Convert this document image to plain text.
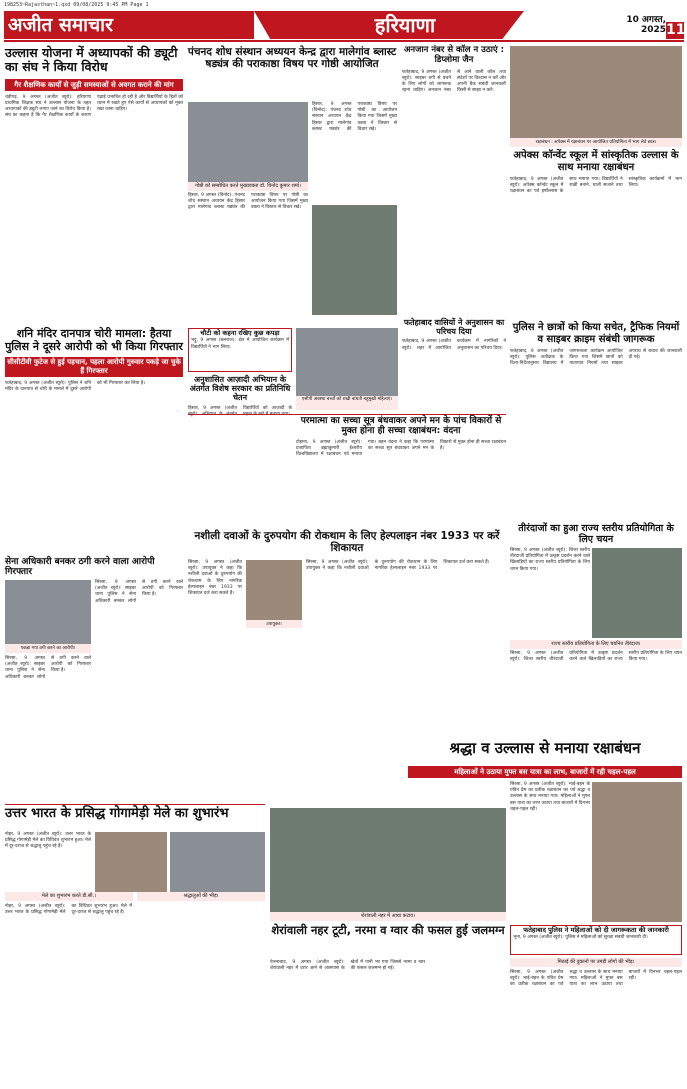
198253~Rajasthan~1.qxd 09/08/2025 9:45 PM Page 1
अजीत समाचार	हरियाणा	10 अगस्त, 2025 11
उल्लास योजना में अध्यापकों की ड्यूटी का संघ ने किया विरोध
गैर शैक्षणिक कार्यों से जुड़ी समस्याओं से अवगत कराने की मांग
चंडीगढ़, 9 अगस्त (अजीत ब्यूरो): हरियाणा प्राथमिक शिक्षक संघ ने उल्लास योजना के तहत अध्यापकों की ड्यूटी लगाए जाने का विरोध किया है। संघ का कहना है कि गैर शैक्षणिक कार्यों के कारण पढ़ाई प्रभावित हो रही है और विद्यार्थियों के हितों को ध्यान में रखते हुए ऐसे कार्यों से अध्यापकों को मुक्त रखा जाना चाहिए।
पंचनद शोध संस्थान अध्ययन केन्द्र द्वारा मालेगांव ब्लास्ट षड्यंत्र की पराकाष्ठा विषय पर गोष्ठी आयोजित
गोष्ठी को सम्बोधित करते मुख्यवक्ता डॉ. विनोद कुमार शर्मा।
हिसार, 9 अगस्त (विनोद): पंचनद शोध संस्थान अध्ययन केंद्र हिसार द्वारा मालेगांव ब्लास्ट षड्यंत्र की पराकाष्ठा विषय पर गोष्ठी का आयोजन किया गया जिसमें मुख्य वक्ता ने विस्तार से विचार रखे।
हिसार, 9 अगस्त (विनोद): पंचनद शोध संस्थान अध्ययन केंद्र हिसार द्वारा मालेगांव ब्लास्ट षड्यंत्र की पराकाष्ठा विषय पर गोष्ठी का आयोजन किया गया जिसमें मुख्य वक्ता ने विस्तार से विचार रखे।
अनजान नंबर से कॉल न उठाएं : डिप्लोमा जैन
फतेहाबाद, 9 अगस्त (अजीत ब्यूरो): साइबर ठगी से बचने के लिए लोगों को जागरूक रहना चाहिए। अनजान नंबर से आने वाली कॉल तथा संदेशों पर विश्वास न करें और अपनी बैंक संबंधी जानकारी किसी से साझा न करें।
रक्षाबंधन : अपेक्स में रक्षाबंधन पर आयोजित प्रतियोगिता में भाग लेते छात्र।
अपेक्स कॉन्वेंट स्कूल में सांस्कृतिक उल्लास के साथ मनाया रक्षाबंधन
फतेहाबाद, 9 अगस्त (अजीत ब्यूरो): अपेक्स कॉन्वेंट स्कूल में रक्षाबंधन का पर्व हर्षोल्लास के साथ मनाया गया। विद्यार्थियों ने राखी बनाने, थाली सजाने तथा सांस्कृतिक कार्यक्रमों में भाग लिया।
शनि मंदिर दानपात्र चोरी मामला: हैतया पुलिस ने दूसरे आरोपी को भी किया गिरफ्तार
सीसीटीवी फुटेज से हुई पहचान, पहला आरोपी गुरुवार पकड़े जा चुके हैं गिरफ्तार
फतेहाबाद, 9 अगस्त (अजीत ब्यूरो): पुलिस ने शनि मंदिर के दानपात्र से चोरी के मामले में दूसरे आरोपी को भी गिरफ्तार कर लिया है।
चौटी को कहना रखिए कुछ कपड़ा
भट्टू, 9 अगस्त (बलराज): क्षेत्र में आयोजित कार्यक्रम में विद्यार्थियों ने भाग लिया।
अनुशासित आज़ादी अभियान के अंतर्गत विशेष सरकार का प्रतिनिधि चेतन
हिसार, 9 अगस्त (अजीत विद्यार्थियों को आज़ादी के
एसीपी अवस्था बच्चों को राखी बांधती बहुमुखी महिलाएं।
फतेहाबाद वासियों ने अनुशासन का परिचय दिया
फतेहाबाद, 9 अगस्त (अजीत ब्यूरो): शहर में आयोजित कार्यक्रम में नागरिकों ने अनुशासन का परिचय दिया।
पुलिस ने छात्रों को किया सचेत, ट्रैफिक नियमों व साइबर क्राइम संबंधी जागरूक
फतेहाबाद, 9 अगस्त (अजीत ब्यूरो): पुलिस अधीक्षक के दिशा-निर्देशानुसार विद्यालय में जागरूकता कार्यक्रम आयोजित किया गया जिसमें छात्रों को यातायात नियमों तथा साइबर अपराध से बचाव की जानकारी दी गई।
परमात्मा का सच्चा सूत्र बंधवाकर अपने मन के पांच विकारों से मुक्त होना ही सच्चा रक्षाबंधन: वंदना
टोहाना, 9 अगस्त (अजीत ब्यूरो): प्रजापिता ब्रह्माकुमारी ईश्वरीय विश्वविद्यालय में रक्षाबंधन पर्व मनाया गया। बहन वंदना ने कहा कि परमात्मा का सच्चा सूत्र बंधवाकर अपने मन के विकारों से मुक्त होना ही सच्चा रक्षाबंधन है।
सेना अधिकारी बनकर ठगी करने वाला आरोपी गिरफ्तार
पकड़ा गया ठगी करने का आरोपी।
सिरसा, 9 अगस्त (अजीत ब्यूरो): साइबर थाना पुलिस ने सेना अधिकारी बनकर लोगों से ठगी करने वाले आरोपी को गिरफ्तार किया है।
सिरसा, 9 अगस्त (अजीत ब्यूरो): साइबर थाना पुलिस ने सेना अधिकारी बनकर लोगों से ठगी करने वाले आरोपी को गिरफ्तार किया है।
नशीली दवाओं के दुरुपयोग की रोकथाम के लिए हेल्पलाइन नंबर 1933 पर करें शिकायत
उपायुक्त।
सिरसा, 9 अगस्त (अजीत ब्यूरो): उपायुक्त ने कहा कि नशीली दवाओं के दुरुपयोग की रोकथाम के लिए नागरिक हेल्पलाइन नंबर 1933 पर शिकायत दर्ज करा सकते हैं।
सिरसा, 9 अगस्त (अजीत ब्यूरो): उपायुक्त ने कहा कि नशीली दवाओं के दुरुपयोग की रोकथाम के लिए नागरिक हेल्पलाइन नंबर 1933 पर शिकायत दर्ज करा सकते हैं।
तीरंदाजों का हुआ राज्य स्तरीय प्रतियोगिता के लिए चयन
सिरसा, 9 अगस्त (अजीत ब्यूरो): जिला स्तरीय तीरंदाजी प्रतियोगिता में उत्कृष्ट प्रदर्शन करने वाले खिलाड़ियों का राज्य स्तरीय प्रतियोगिता के लिए चयन किया गया।
राज्य स्तरीय प्रतियोगिता के लिए चयनित तीरंदाज।
सिरसा, 9 अगस्त (अजीत ब्यूरो): जिला स्तरीय तीरंदाजी प्रतियोगिता में उत्कृष्ट प्रदर्शन करने वाले खिलाड़ियों का राज्य स्तरीय प्रतियोगिता के लिए चयन किया गया।
उत्तर भारत के प्रसिद्ध गोगामेड़ी मेले का शुभारंभ
नोहर, 9 अगस्त (अजीत ब्यूरो): उत्तर भारत के प्रसिद्ध गोगामेड़ी मेले का विधिवत शुभारंभ हुआ। मेले में दूर-दराज से श्रद्धालु पहुंच रहे हैं।
मेले का शुभारंभ करते डी.सी.।	श्रद्धालुओं की भीड़।
नोहर, 9 अगस्त (अजीत ब्यूरो): उत्तर भारत के प्रसिद्ध गोगामेड़ी मेले का विधिवत शुभारंभ हुआ। मेले में दूर-दराज से श्रद्धालु पहुंच रहे हैं।
शेरांवाली नहर में आया कटाव।
शेरांवाली नहर टूटी, नरमा व ग्वार की फसल हुई जलमग्न
ऐलनाबाद, 9 अगस्त (अजीत ब्यूरो): शेरांवाली नहर में दरार आने से आसपास के खेतों में पानी भर गया जिससे नरमा व ग्वार की फसल जलमग्न हो गई।
श्रद्धा व उल्लास से मनाया रक्षाबंधन
महिलाओं ने उठाया मुफ्त बस यात्रा का लाभ, बाजारों में रही चहल-पहल
सिरसा, 9 अगस्त (अजीत ब्यूरो): भाई-बहन के पवित्र प्रेम का प्रतीक रक्षाबंधन का पर्व श्रद्धा व उल्लास के साथ मनाया गया। महिलाओं ने मुफ्त बस यात्रा का लाभ उठाया तथा बाजारों में दिनभर चहल-पहल रही।
फतेहाबाद पुलिस ने महिलाओं को दी जागरूकता की जानकारी
भूना, 9 अगस्त (अजीत ब्यूरो): पुलिस ने महिलाओं को सुरक्षा संबंधी जानकारी दी।
मिठाई की दुकानों पर उमड़ी लोगों की भीड़।
सिरसा, 9 अगस्त (अजीत ब्यूरो): भाई-बहन के पवित्र प्रेम का प्रतीक रक्षाबंधन का पर्व श्रद्धा व उल्लास के साथ मनाया गया। महिलाओं ने मुफ्त बस यात्रा का लाभ उठाया तथा बाजारों में दिनभर चहल-पहल रही।
